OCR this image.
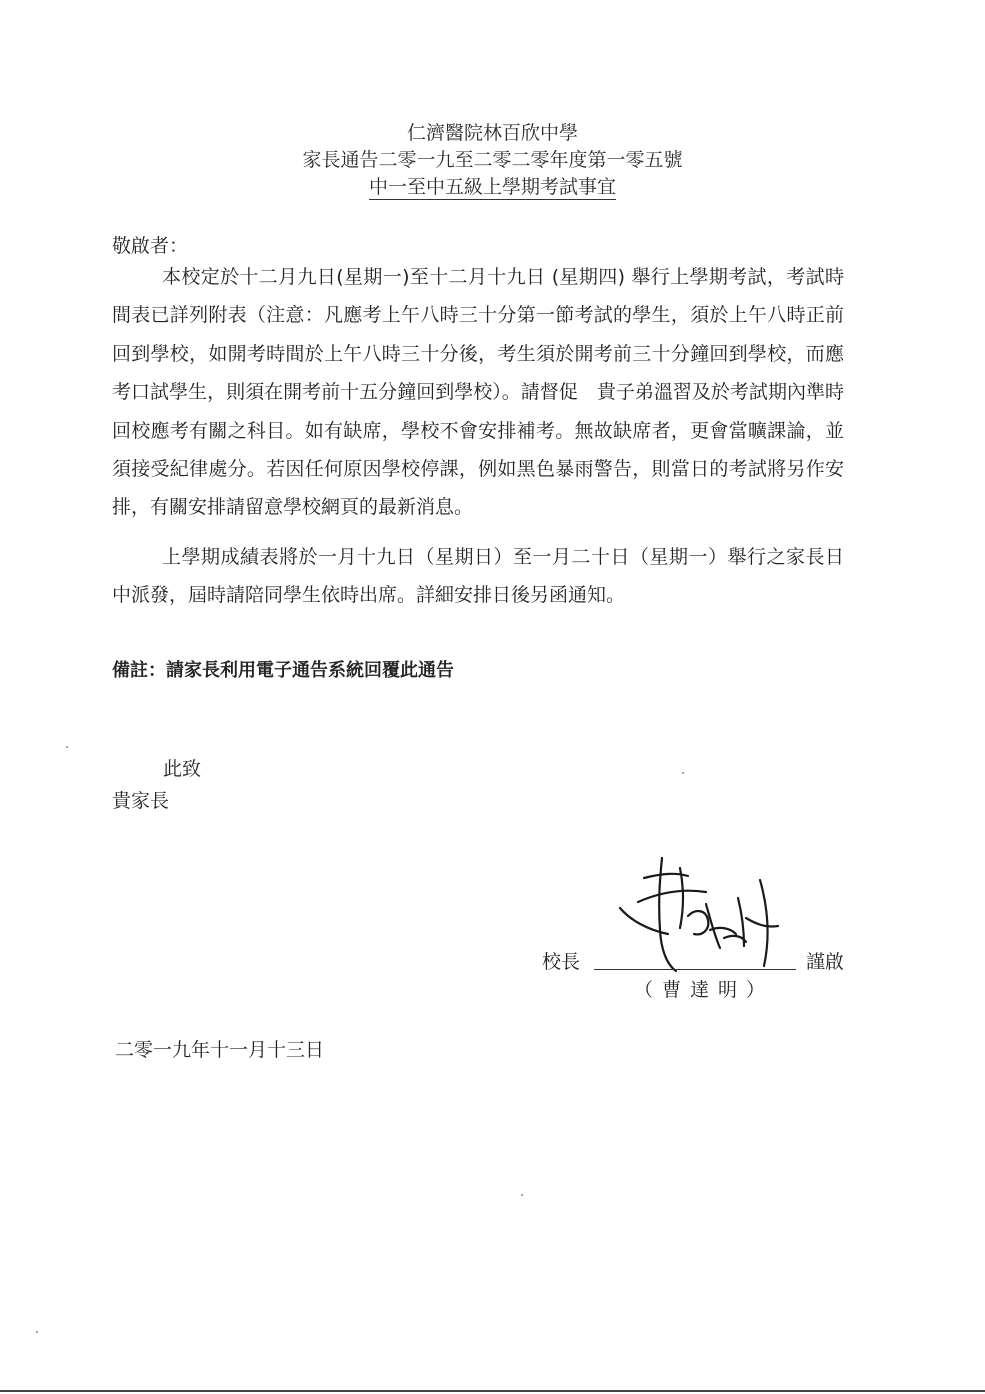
仁濟醫院林百欣中學
家長通告二零一九至二零二零年度第一零五號
中一至中五級上學期考試事宜
敬啟者：

本校定於十二月九日(星期一)至十二月十九日 (星期四) 舉行上學期考試，考試時間表已詳列附表（注意：凡應考上午八時三十分第一節考試的學生，須於上午八時正前回到學校，如開考時間於上午八時三十分後，考生須於開考前三十分鐘回到學校，而應考口試學生，則須在開考前十五分鐘回到學校）。請督促　貴子弟溫習及於考試期內準時回校應考有關之科目。如有缺席，學校不會安排補考。無故缺席者，更會當曠課論，並須接受紀律處分。若因任何原因學校停課，例如黑色暴雨警告，則當日的考試將另作安排，有關安排請留意學校網頁的最新消息。

上學期成績表將於一月十九日（星期日）至一月二十日（星期一）舉行之家長日中派發，屆時請陪同學生依時出席。詳細安排日後另函通知。

備註：請家長利用電子通告系統回覆此通告
此致
貴家長
校長	謹啟
（曹達明）
二零一九年十一月十三日
